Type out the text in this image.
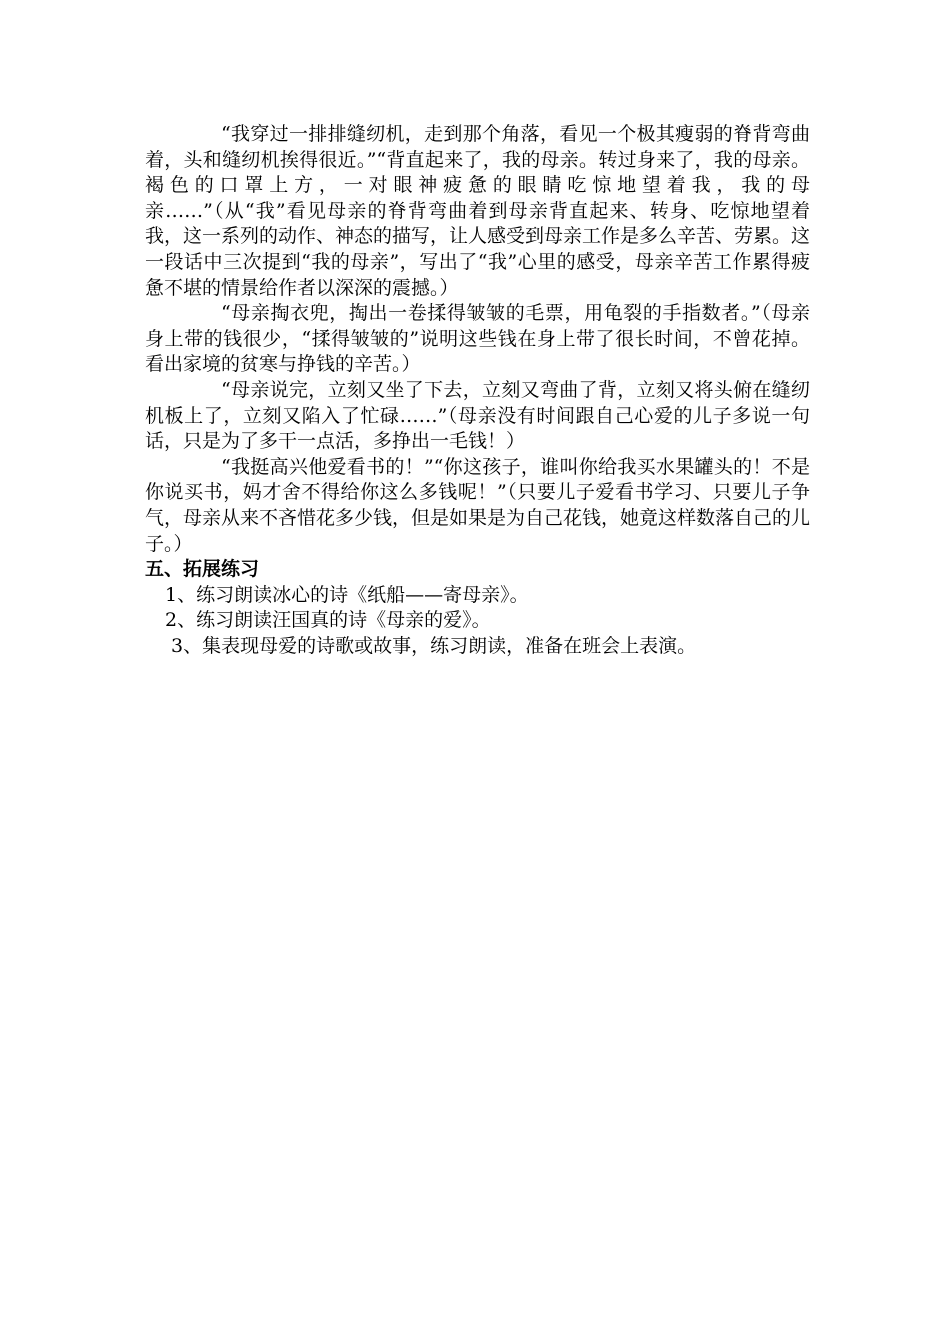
“我穿过一排排缝纫机，走到那个角落，看见一个极其瘦弱的脊背弯曲着，头和缝纫机挨得很近。”“背直起来了，我的母亲。转过身来了，我的母亲。褐色的口罩上方，一对眼神疲惫的眼睛吃惊地望着我，我的母亲……”（从“我”看见母亲的脊背弯曲着到母亲背直起来、转身、吃惊地望着我，这一系列的动作、神态的描写，让人感受到母亲工作是多么辛苦、劳累。这一段话中三次提到“我的母亲”，写出了“我”心里的感受，母亲辛苦工作累得疲惫不堪的情景给作者以深深的震撼。）

“母亲掏衣兜，掏出一卷揉得皱皱的毛票，用龟裂的手指数者。”（母亲身上带的钱很少，“揉得皱皱的”说明这些钱在身上带了很长时间，不曾花掉。看出家境的贫寒与挣钱的辛苦。）

“母亲说完，立刻又坐了下去，立刻又弯曲了背，立刻又将头俯在缝纫机板上了，立刻又陷入了忙碌……”（母亲没有时间跟自己心爱的儿子多说一句话，只是为了多干一点活，多挣出一毛钱！）

“我挺高兴他爱看书的！”“你这孩子，谁叫你给我买水果罐头的！不是你说买书，妈才舍不得给你这么多钱呢！”（只要儿子爱看书学习、只要儿子争气，母亲从来不吝惜花多少钱，但是如果是为自己花钱，她竟这样数落自己的儿子。）

五、拓展练习
1、练习朗读冰心的诗《纸船——寄母亲》。
2、练习朗读汪国真的诗《母亲的爱》。
3、集表现母爱的诗歌或故事，练习朗读，准备在班会上表演。
